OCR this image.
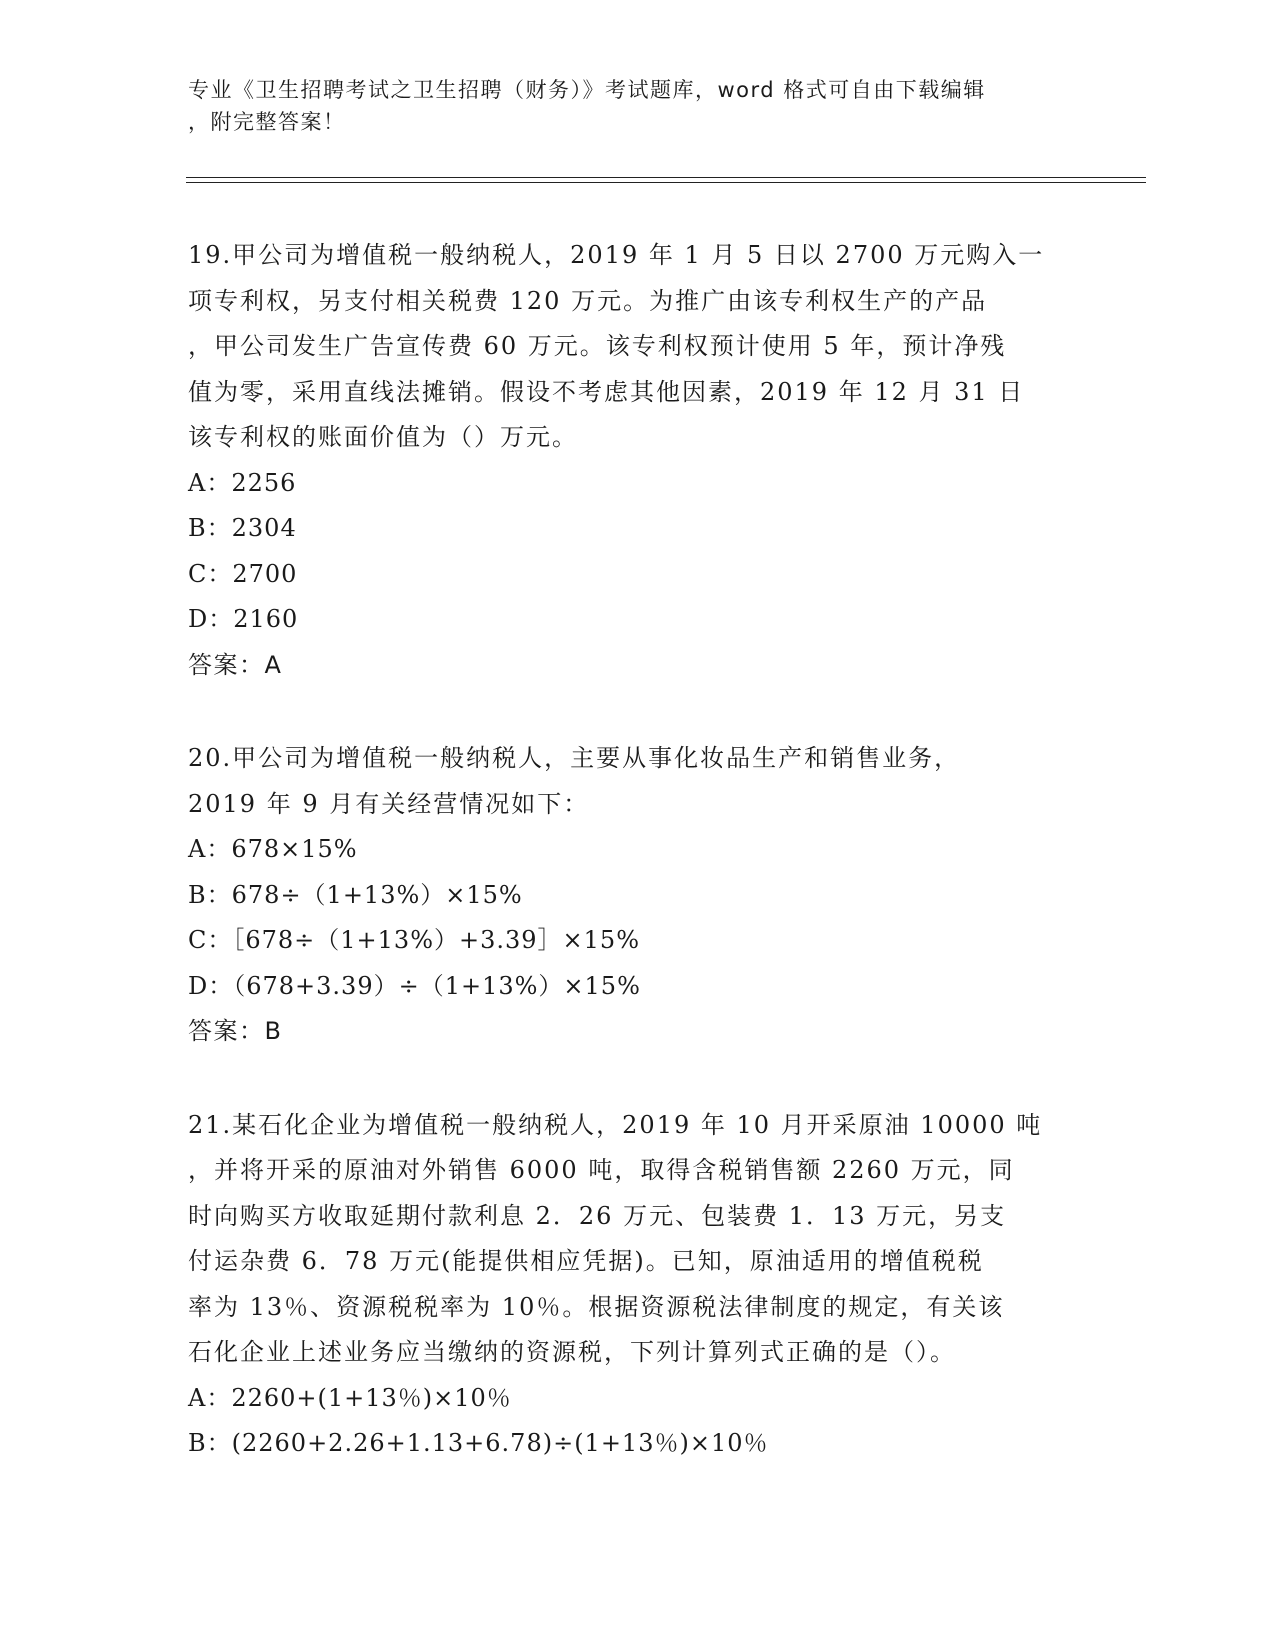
专业《卫生招聘考试之卫生招聘（财务）》考试题库，word 格式可自由下载编辑
，附完整答案！
19.甲公司为增值税一般纳税人，2019 年 1 月 5 日以 2700 万元购入一
项专利权，另支付相关税费 120 万元。为推广由该专利权生产的产品
，甲公司发生广告宣传费 60 万元。该专利权预计使用 5 年，预计净残
值为零，采用直线法摊销。假设不考虑其他因素，2019 年 12 月 31 日
该专利权的账面价值为（）万元。
A：2256
B：2304
C：2700
D：2160
答案：A
20.甲公司为增值税一般纳税人，主要从事化妆品生产和销售业务，
2019 年 9 月有关经营情况如下：
A：678×15%
B：678÷（1+13%）×15%
C：［678÷（1+13%）+3.39］×15%
D：（678+3.39）÷（1+13%）×15%
答案：B
21.某石化企业为增值税一般纳税人，2019 年 10 月开采原油 10000 吨
，并将开采的原油对外销售 6000 吨，取得含税销售额 2260 万元，同
时向购买方收取延期付款利息 2．26 万元、包装费 1．13 万元，另支
付运杂费 6．78 万元(能提供相应凭据)。已知，原油适用的增值税税
率为 13％、资源税税率为 10％。根据资源税法律制度的规定，有关该
石化企业上述业务应当缴纳的资源税，下列计算列式正确的是（）。
A：2260+(1+13％)×10％
B：(2260+2.26+1.13+6.78)÷(1+13％)×10％
